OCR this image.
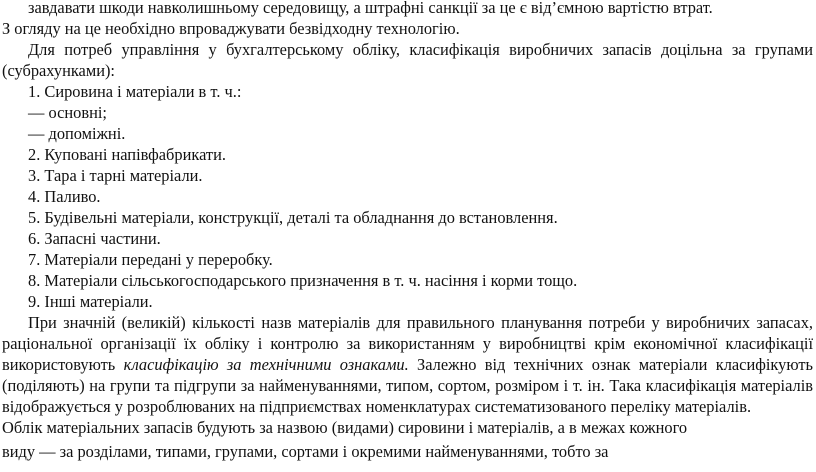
завдавати шкоди навколишньому середовищу, а штрафні санкції за це є від’ємною вартістю втрат.

З огляду на це необхідно впроваджувати безвідходну технологію.

Для потреб управління у бухгалтерському обліку, класифікація виробничих запасів доцільна за групами (субрахунками):

1. Сировина і матеріали в т. ч.:

— основні;

— допоміжні.

2. Куповані напівфабрикати.

3. Тара і тарні матеріали.

4. Паливо.

5. Будівельні матеріали, конструкції, деталі та обладнання до встановлення.

6. Запасні частини.

7. Матеріали передані у переробку.

8. Матеріали сільськогосподарського призначення в т. ч. насіння і корми тощо.

9. Інші матеріали.

При значній (великій) кількості назв матеріалів для правильного планування потреби у виробничих запасах, раціональної організації їх обліку і контролю за використанням у виробництві крім економічної класифікації використовують класифікацію за технічними ознаками. Залежно від технічних ознак матеріали класифікують (поділяють) на групи та підгрупи за найменуваннями, типом, сортом, розміром і т. ін. Така класифікація матеріалів відображується у розроблюваних на підприємствах номенклатурах систематизованого переліку матеріалів.

Облік матеріальних запасів будують за назвою (видами) сировини і матеріалів, а в межах кожного

виду — за розділами, типами, групами, сортами і окремими найменуваннями, тобто за
